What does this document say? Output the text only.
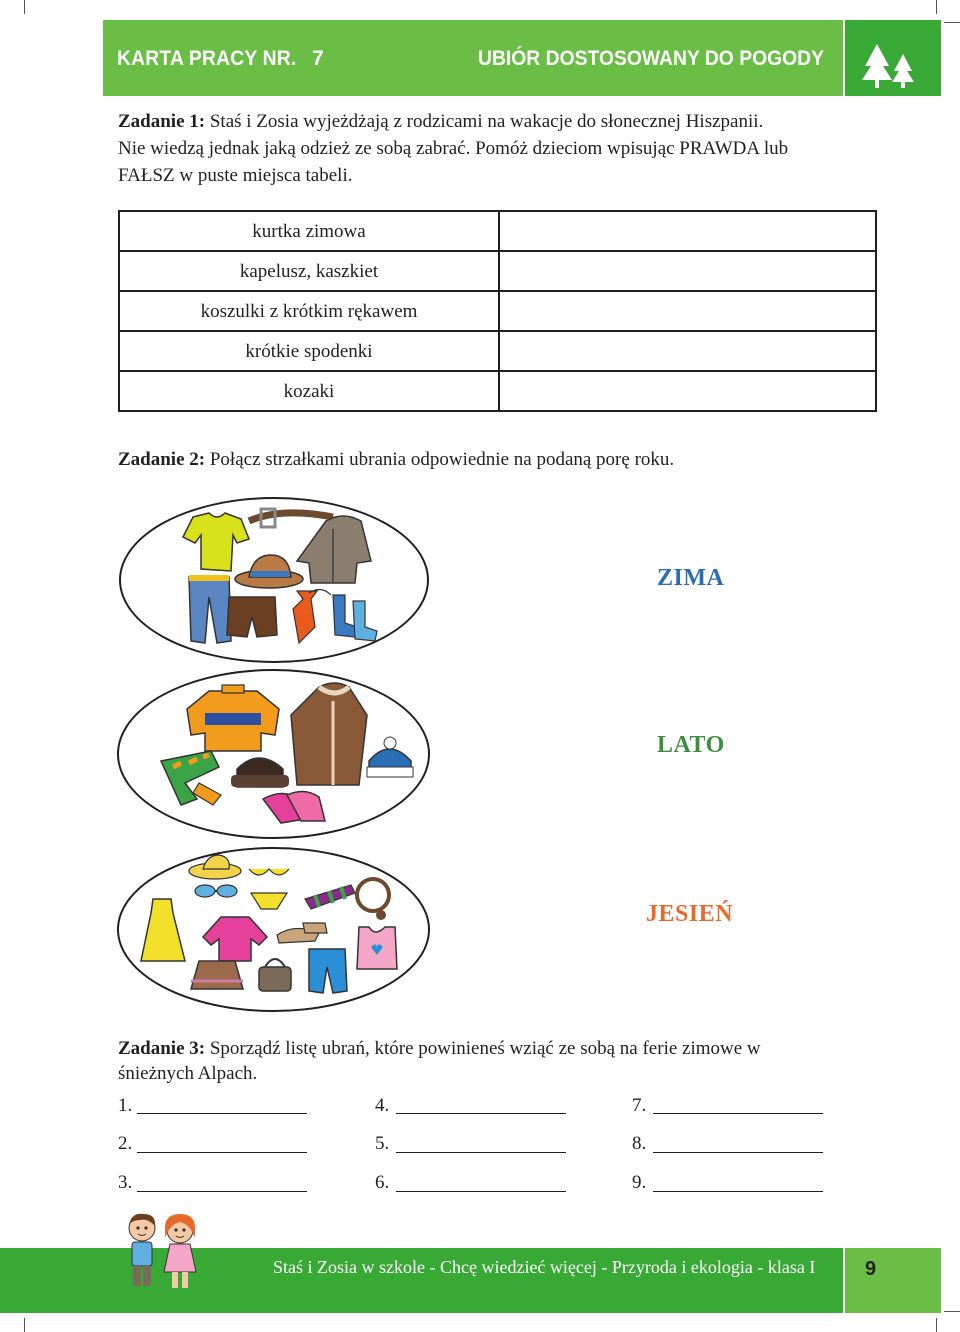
KARTA PRACY NR. 7	UBIÓR DOSTOSOWANY DO POGODY
Zadanie 1: Staś i Zosia wyjeżdżają z rodzicami na wakacje do słonecznej Hiszpanii.
Nie wiedzą jednak jaką odzież ze sobą zabrać. Pomóż dzieciom wpisując PRAWDA lub
FAŁSZ w puste miejsca tabeli.
kurtka zimowa
kapelusz, kaszkiet
koszulki z krótkim rękawem
krótkie spodenki
kozaki
Zadanie 2: Połącz strzałkami ubrania odpowiednie na podaną porę roku.
ZIMA
LATO
JESIEŃ
Zadanie 3: Sporządź listę ubrań, które powinieneś wziąć ze sobą na ferie zimowe w
śnieżnych Alpach.
1.
2.
3.
4.
5.
6.
7.
8.
9.
Staś i Zosia w szkole - Chcę wiedzieć więcej - Przyroda i ekologia - klasa I 9
